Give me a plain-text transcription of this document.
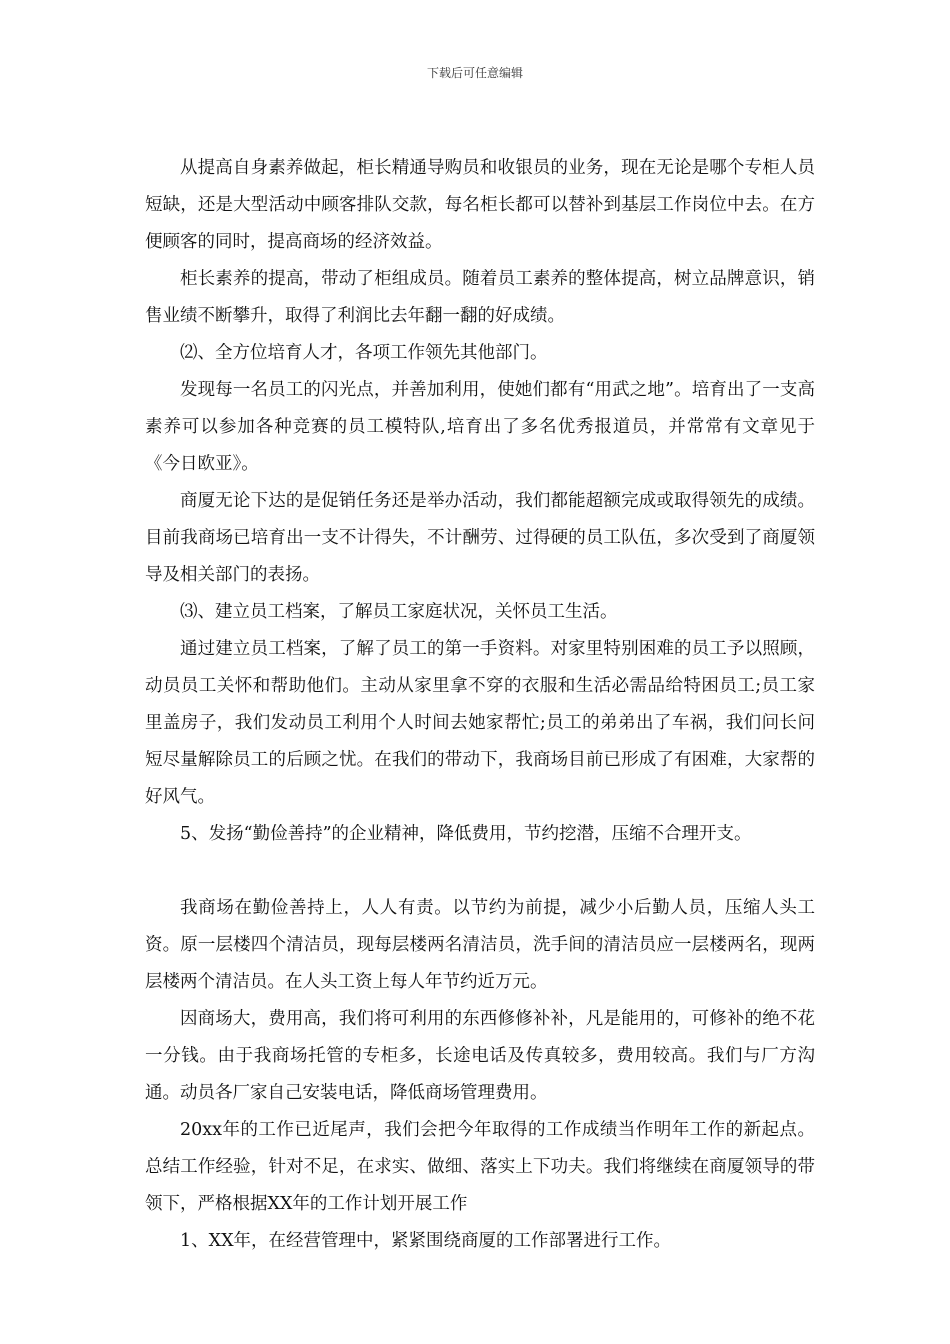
下载后可任意编辑

从提高自身素养做起，柜长精通导购员和收银员的业务，现在无论是哪个专柜人员短缺，还是大型活动中顾客排队交款，每名柜长都可以替补到基层工作岗位中去。在方便顾客的同时，提高商场的经济效益。

柜长素养的提高，带动了柜组成员。随着员工素养的整体提高，树立品牌意识，销售业绩不断攀升，取得了利润比去年翻一翻的好成绩。

⑵、全方位培育人才，各项工作领先其他部门。

发现每一名员工的闪光点，并善加利用，使她们都有“用武之地”。培育出了一支高素养可以参加各种竞赛的员工模特队,培育出了多名优秀报道员，并常常有文章见于《今日欧亚》。

商厦无论下达的是促销任务还是举办活动，我们都能超额完成或取得领先的成绩。目前我商场已培育出一支不计得失，不计酬劳、过得硬的员工队伍，多次受到了商厦领导及相关部门的表扬。

⑶、建立员工档案，了解员工家庭状况，关怀员工生活。

通过建立员工档案，了解了员工的第一手资料。对家里特别困难的员工予以照顾，动员员工关怀和帮助他们。主动从家里拿不穿的衣服和生活必需品给特困员工;员工家里盖房子，我们发动员工利用个人时间去她家帮忙;员工的弟弟出了车祸，我们问长问短尽量解除员工的后顾之忧。在我们的带动下，我商场目前已形成了有困难，大家帮的好风气。

5、发扬“勤俭善持”的企业精神，降低费用，节约挖潜，压缩不合理开支。

我商场在勤俭善持上，人人有责。以节约为前提，减少小后勤人员，压缩人头工资。原一层楼四个清洁员，现每层楼两名清洁员，洗手间的清洁员应一层楼两名，现两层楼两个清洁员。在人头工资上每人年节约近万元。

因商场大，费用高，我们将可利用的东西修修补补，凡是能用的，可修补的绝不花一分钱。由于我商场托管的专柜多，长途电话及传真较多，费用较高。我们与厂方沟通。动员各厂家自己安装电话，降低商场管理费用。

20xx年的工作已近尾声，我们会把今年取得的工作成绩当作明年工作的新起点。总结工作经验，针对不足，在求实、做细、落实上下功夫。我们将继续在商厦领导的带领下，严格根据XX年的工作计划开展工作

1、XX年，在经营管理中，紧紧围绕商厦的工作部署进行工作。
